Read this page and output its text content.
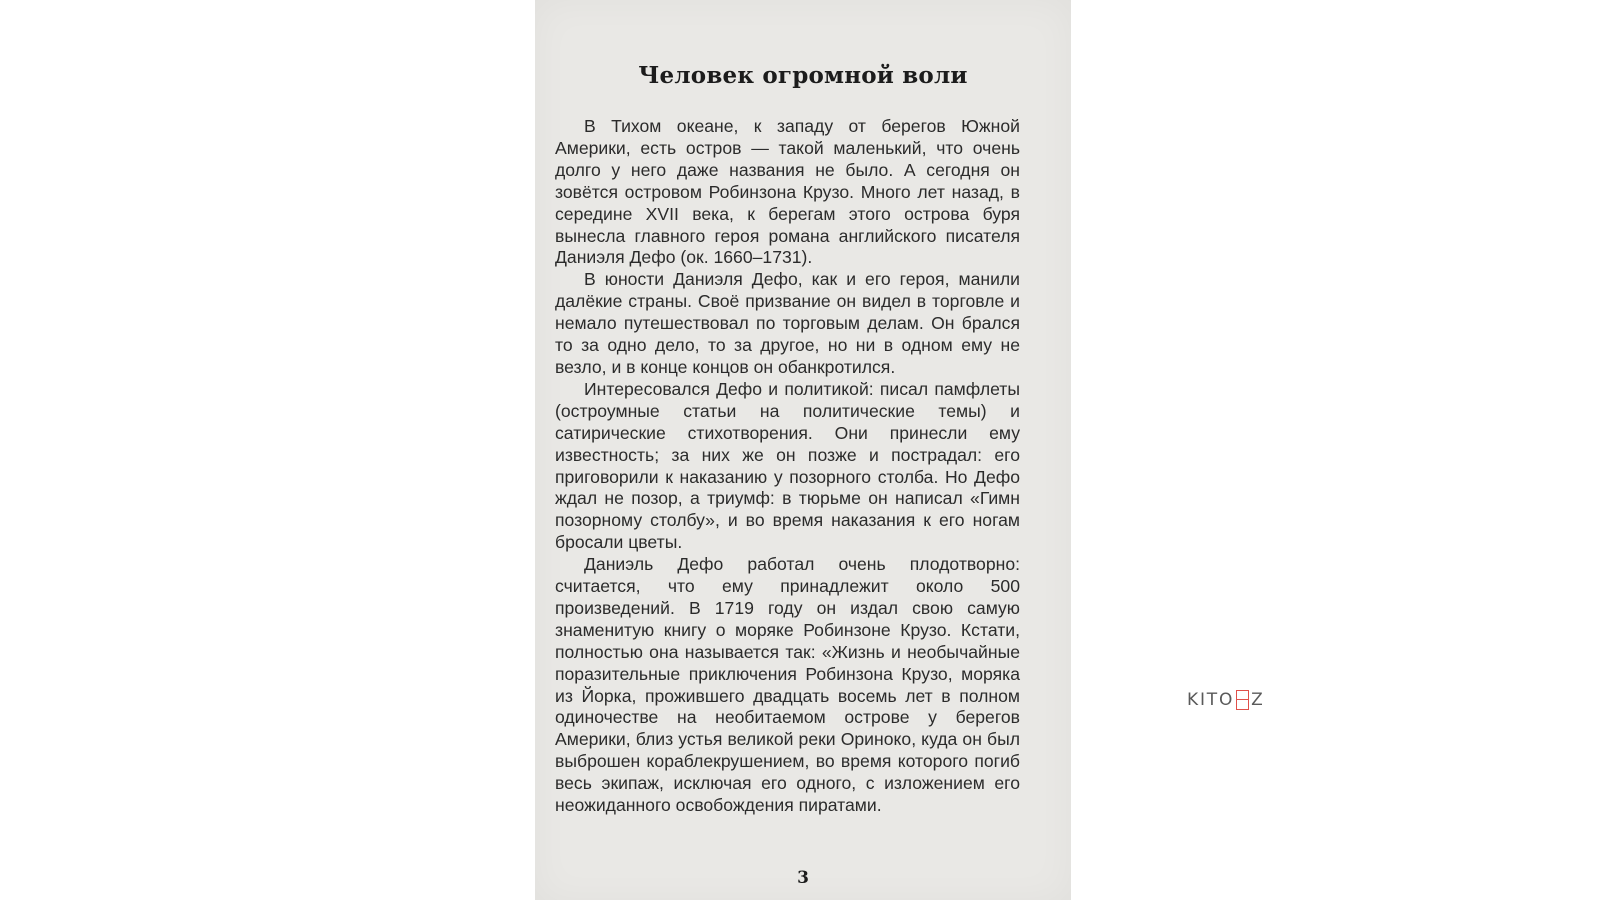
Человек огромной воли

В Тихом океане, к западу от берегов Южной Америки, есть остров — такой маленький, что очень долго у него даже названия не было. А сегодня он зовётся островом Робинзона Крузо. Много лет назад, в середине XVII века, к берегам этого острова буря вынесла главного героя романа английского писателя Даниэля Дефо (ок. 1660–1731).

В юности Даниэля Дефо, как и его героя, манили далёкие страны. Своё призвание он видел в торговле и немало путешествовал по торговым делам. Он брался то за одно дело, то за другое, но ни в одном ему не везло, и в конце концов он обанкротился.

Интересовался Дефо и политикой: писал памфлеты (остроумные статьи на политические темы) и сатирические стихотворения. Они принесли ему известность; за них же он позже и пострадал: его приговорили к наказанию у позорного столба. Но Дефо ждал не позор, а триумф: в тюрьме он написал «Гимн позорному столбу», и во время наказания к его ногам бросали цветы.

Даниэль Дефо работал очень плодотворно: считается, что ему принадлежит около 500 произведений. В 1719 году он издал свою самую знаменитую книгу о моряке Робинзоне Крузо. Кстати, полностью она называется так: «Жизнь и необычайные поразительные приключения Робинзона Крузо, моряка из Йорка, прожившего двадцать восемь лет в полном одиночестве на необитаемом острове у берегов Америки, близ устья великой реки Ориноко, куда он был выброшен кораблекрушением, во время которого погиб весь экипаж, исключая его одного, с изложением его неожиданного освобождения пиратами.

3
KITO Z
